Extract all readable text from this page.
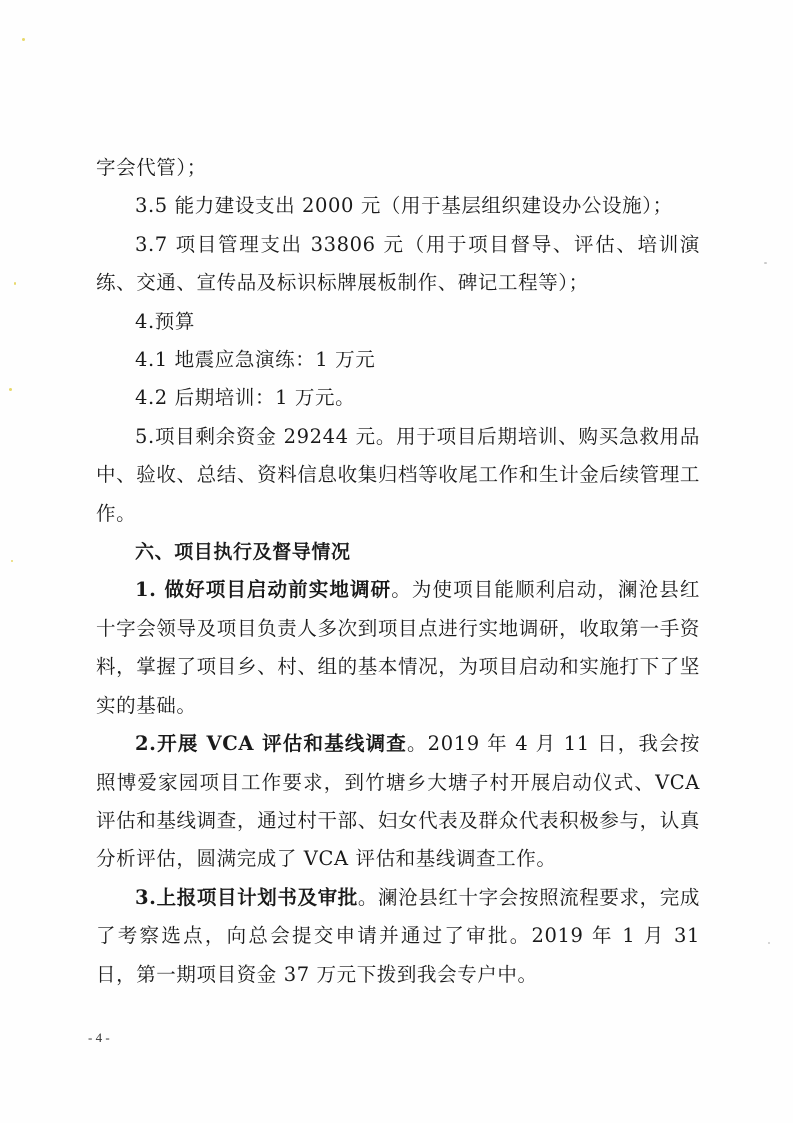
字会代管）；

3.5 能力建设支出 2000 元（用于基层组织建设办公设施）；

3.7 项目管理支出 33806 元（用于项目督导、评估、培训演练、交通、宣传品及标识标牌展板制作、碑记工程等）；

4.预算

4.1 地震应急演练：1 万元

4.2 后期培训：1 万元。

5.项目剩余资金 29244 元。用于项目后期培训、购买急救用品中、验收、总结、资料信息收集归档等收尾工作和生计金后续管理工作。

六、项目执行及督导情况

1. 做好项目启动前实地调研。为使项目能顺利启动，澜沧县红十字会领导及项目负责人多次到项目点进行实地调研，收取第一手资料，掌握了项目乡、村、组的基本情况，为项目启动和实施打下了坚实的基础。

2.开展 VCA 评估和基线调查。2019 年 4 月 11 日，我会按照博爱家园项目工作要求，到竹塘乡大塘子村开展启动仪式、VCA 评估和基线调查，通过村干部、妇女代表及群众代表积极参与，认真分析评估，圆满完成了 VCA 评估和基线调查工作。

3.上报项目计划书及审批。澜沧县红十字会按照流程要求，完成了考察选点，向总会提交申请并通过了审批。2019 年 1 月 31 日，第一期项目资金 37 万元下拨到我会专户中。

- 4 -
